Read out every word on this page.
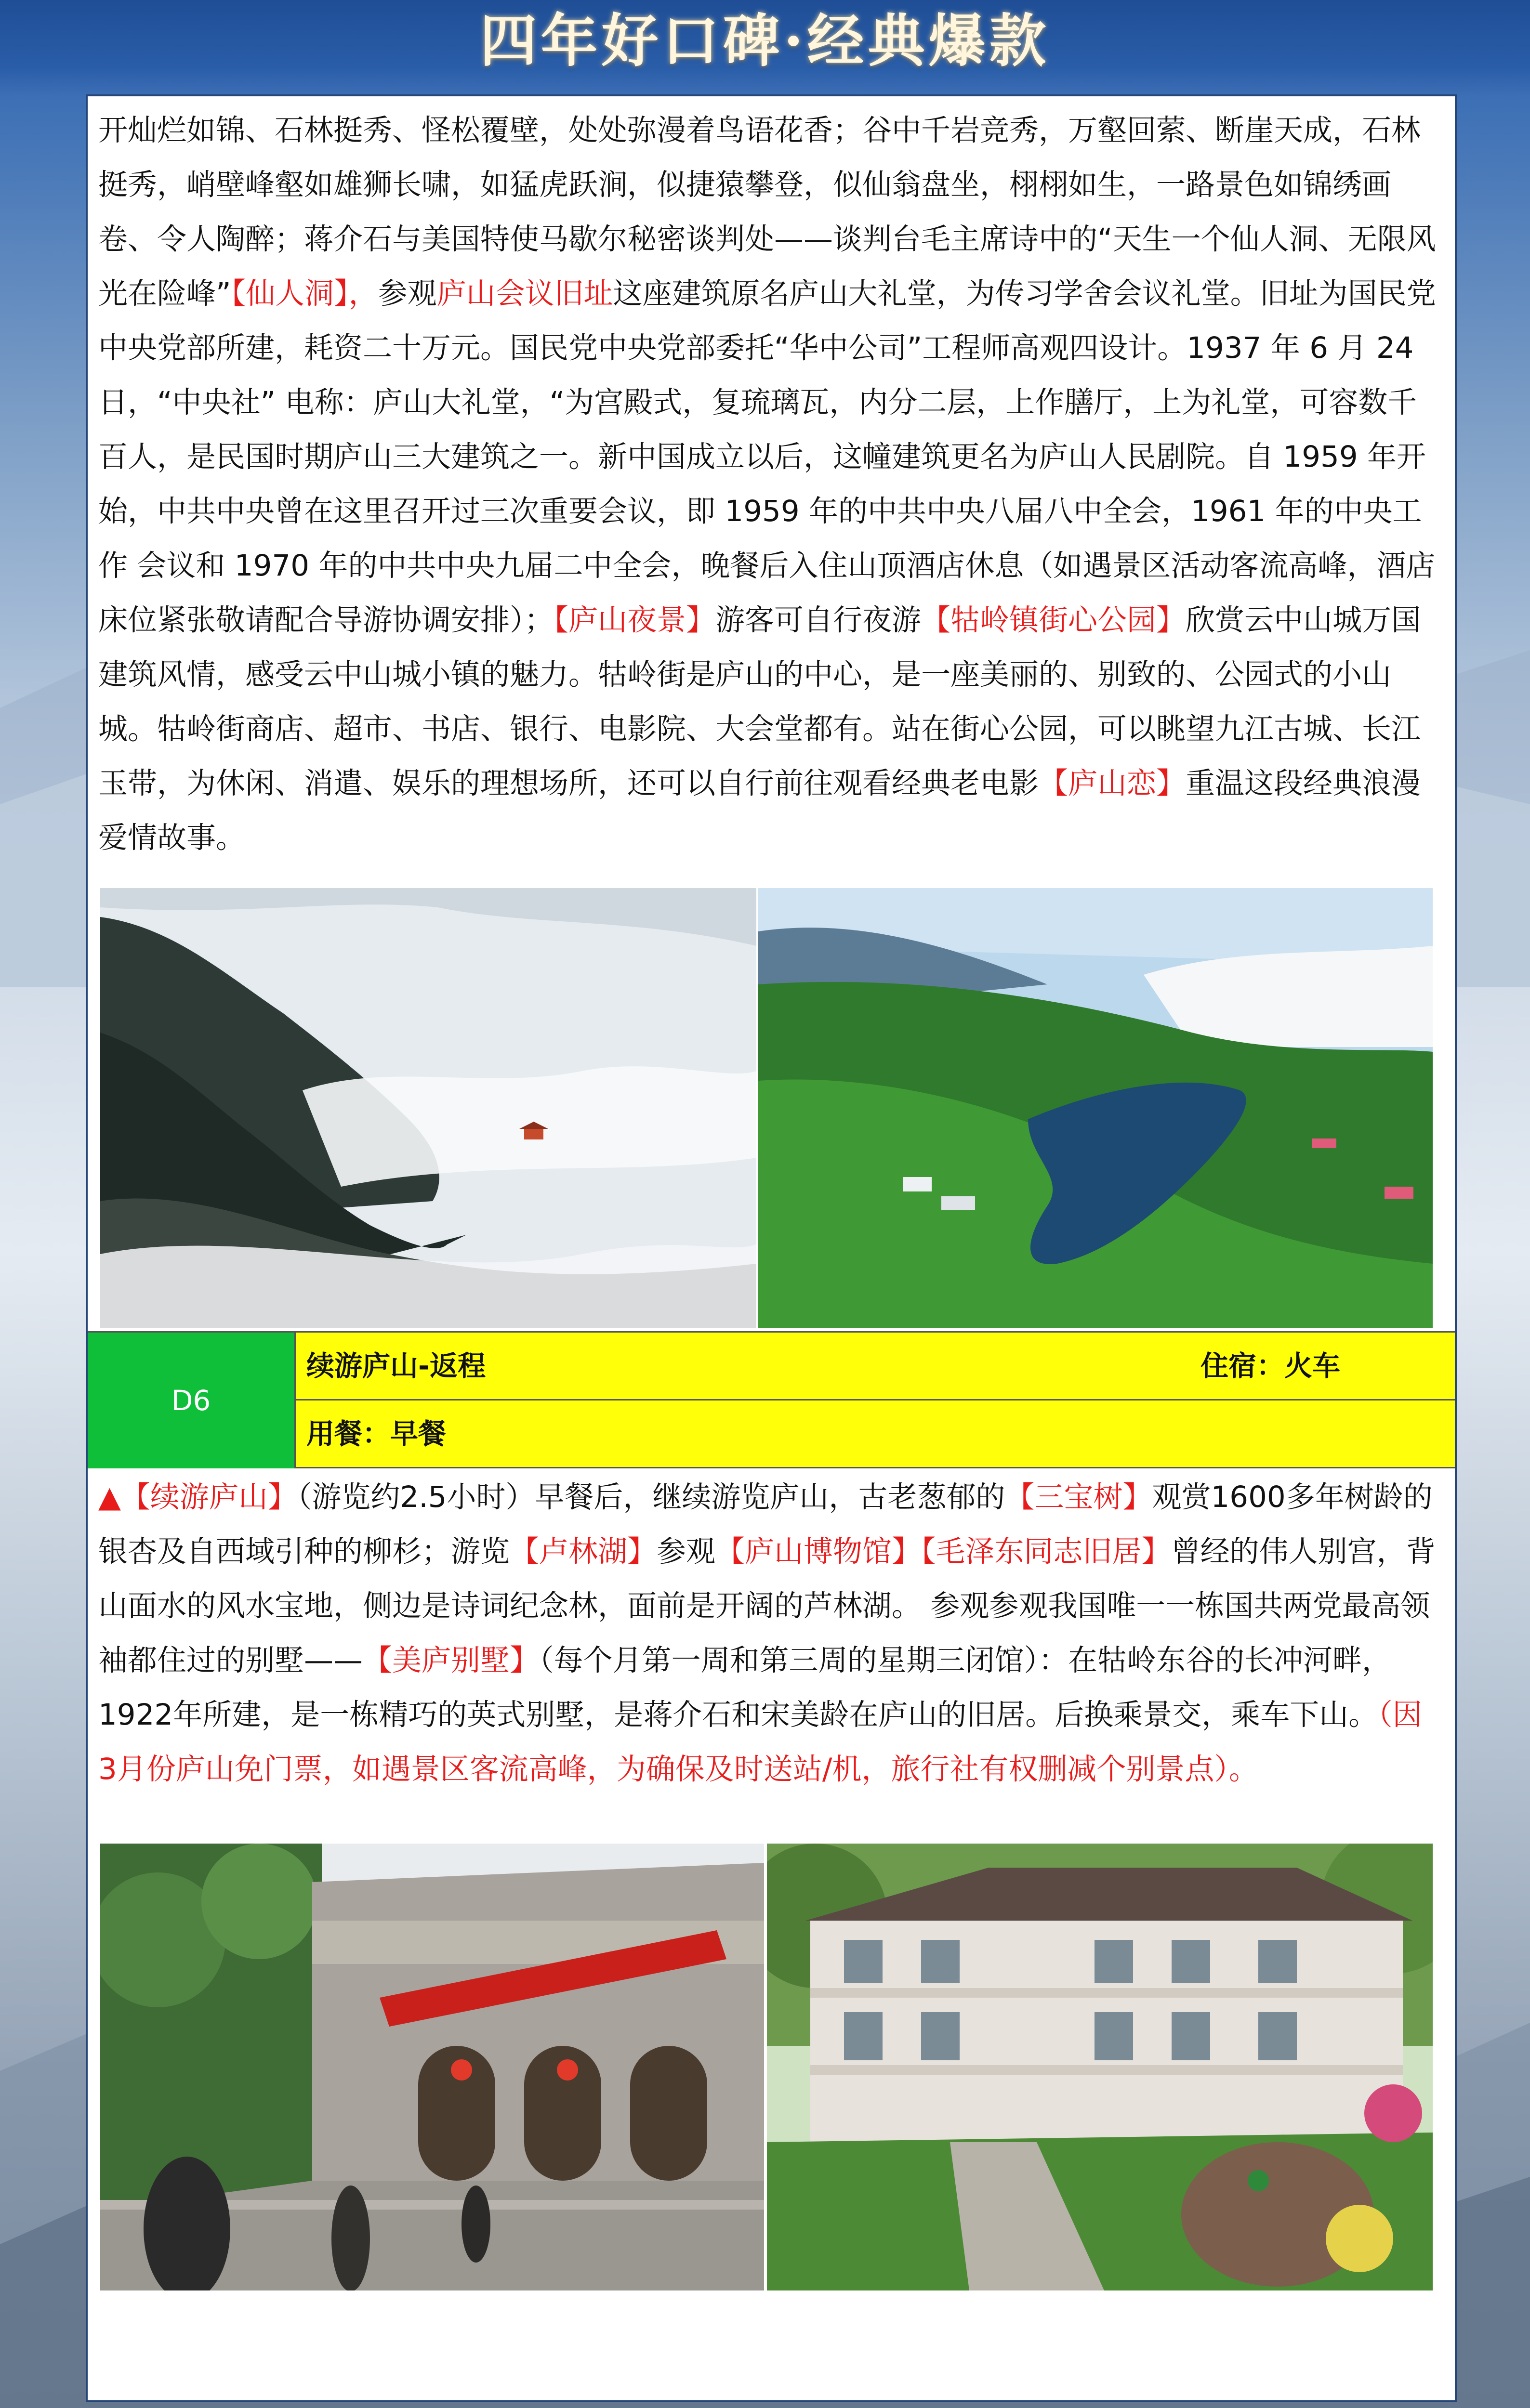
四年好口碑·经典爆款

开灿烂如锦、石林挺秀、怪松覆壁，处处弥漫着鸟语花香；谷中千岩竞秀，万壑回萦、断崖天成，石林挺秀，峭壁峰壑如雄狮长啸，如猛虎跃涧，似捷猿攀登，似仙翁盘坐，栩栩如生，一路景色如锦绣画卷、令人陶醉；蒋介石与美国特使马歇尔秘密谈判处——谈判台毛主席诗中的“天生一个仙人洞、无限风光在险峰”【仙人洞】，参观庐山会议旧址这座建筑原名庐山大礼堂，为传习学舍会议礼堂。旧址为国民党中央党部所建，耗资二十万元。国民党中央党部委托“华中公司”工程师高观四设计。1937 年 6 月 24 日，“中央社” 电称：庐山大礼堂，“为宫殿式，复琉璃瓦，内分二层，上作膳厅，上为礼堂，可容数千百人，是民国时期庐山三大建筑之一。新中国成立以后，这幢建筑更名为庐山人民剧院。自 1959 年开始，中共中央曾在这里召开过三次重要会议，即 1959 年的中共中央八届八中全会，1961 年的中央工作 会议和 1970 年的中共中央九届二中全会，晚餐后入住山顶酒店休息（如遇景区活动客流高峰，酒店床位紧张敬请配合导游协调安排）；【庐山夜景】游客可自行夜游【牯岭镇街心公园】欣赏云中山城万国建筑风情，感受云中山城小镇的魅力。牯岭街是庐山的中心，是一座美丽的、别致的、公园式的小山城。牯岭街商店、超市、书店、银行、电影院、大会堂都有。站在街心公园，可以眺望九江古城、长江玉带，为休闲、消遣、娱乐的理想场所，还可以自行前往观看经典老电影【庐山恋】重温这段经典浪漫爱情故事。

D6
续游庐山-返程	住宿：火车
用餐：早餐

▲【续游庐山】（游览约2.5小时）早餐后，继续游览庐山，古老葱郁的【三宝树】观赏1600多年树龄的银杏及自西域引种的柳杉；游览【卢林湖】参观【庐山博物馆】【毛泽东同志旧居】曾经的伟人别宫，背山面水的风水宝地，侧边是诗词纪念林，面前是开阔的芦林湖。 参观参观我国唯一一栋国共两党最高领袖都住过的别墅——【美庐别墅】（每个月第一周和第三周的星期三闭馆）：在牯岭东谷的长冲河畔，1922年所建，是一栋精巧的英式别墅，是蒋介石和宋美龄在庐山的旧居。后换乘景交，乘车下山。（因3月份庐山免门票，如遇景区客流高峰，为确保及时送站/机，旅行社有权删减个别景点）。
